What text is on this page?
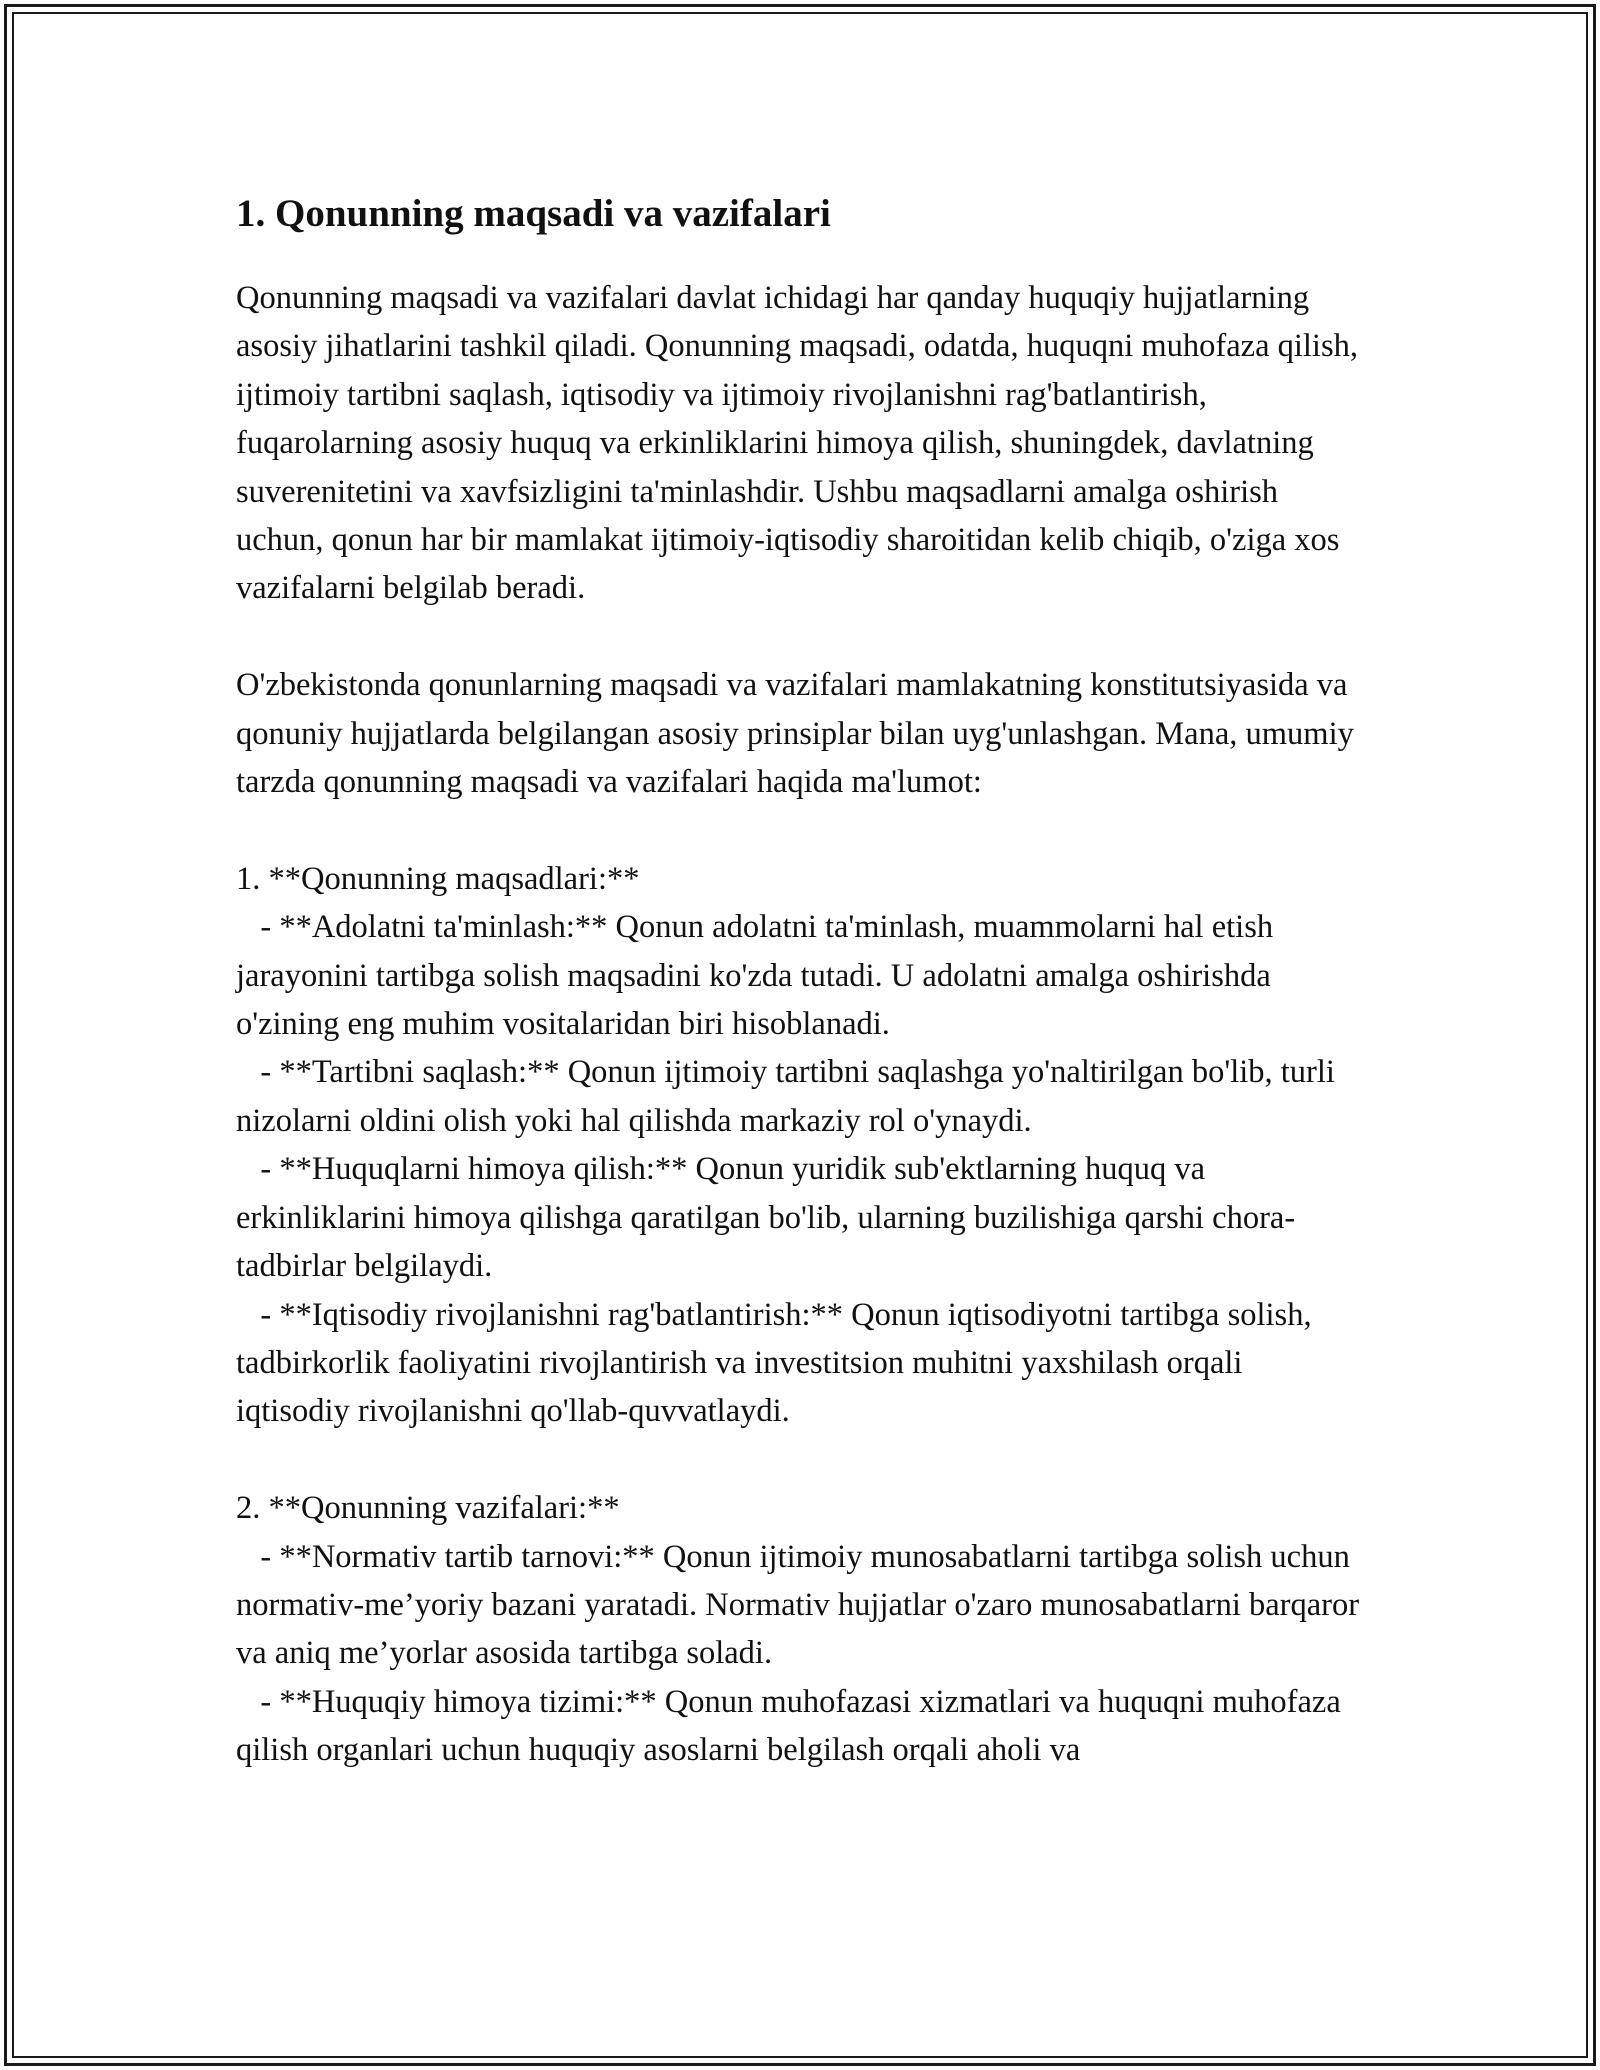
1. Qonunning maqsadi va vazifalari

Qonunning maqsadi va vazifalari davlat ichidagi har qanday huquqiy hujjatlarning asosiy jihatlarini tashkil qiladi. Qonunning maqsadi, odatda, huquqni muhofaza qilish, ijtimoiy tartibni saqlash, iqtisodiy va ijtimoiy rivojlanishni rag'batlantirish, fuqarolarning asosiy huquq va erkinliklarini himoya qilish, shuningdek, davlatning suverenitetini va xavfsizligini ta'minlashdir. Ushbu maqsadlarni amalga oshirish uchun, qonun har bir mamlakat ijtimoiy-iqtisodiy sharoitidan kelib chiqib, o'ziga xos vazifalarni belgilab beradi.

O'zbekistonda qonunlarning maqsadi va vazifalari mamlakatning konstitutsiyasida va qonuniy hujjatlarda belgilangan asosiy prinsiplar bilan uyg'unlashgan. Mana, umumiy tarzda qonunning maqsadi va vazifalari haqida ma'lumot:

1. **Qonunning maqsadlari:**

- **Adolatni ta'minlash:** Qonun adolatni ta'minlash, muammolarni hal etish jarayonini tartibga solish maqsadini ko'zda tutadi. U adolatni amalga oshirishda o'zining eng muhim vositalaridan biri hisoblanadi.

- **Tartibni saqlash:** Qonun ijtimoiy tartibni saqlashga yo'naltirilgan bo'lib, turli nizolarni oldini olish yoki hal qilishda markaziy rol o'ynaydi.

- **Huquqlarni himoya qilish:** Qonun yuridik sub'ektlarning huquq va erkinliklarini himoya qilishga qaratilgan bo'lib, ularning buzilishiga qarshi chora-tadbirlar belgilaydi.

- **Iqtisodiy rivojlanishni rag'batlantirish:** Qonun iqtisodiyotni tartibga solish, tadbirkorlik faoliyatini rivojlantirish va investitsion muhitni yaxshilash orqali iqtisodiy rivojlanishni qo'llab-quvvatlaydi.

2. **Qonunning vazifalari:**

- **Normativ tartib tarnovi:** Qonun ijtimoiy munosabatlarni tartibga solish uchun normativ-me’yoriy bazani yaratadi. Normativ hujjatlar o'zaro munosabatlarni barqaror va aniq me’yorlar asosida tartibga soladi.

- **Huquqiy himoya tizimi:** Qonun muhofazasi xizmatlari va huquqni muhofaza qilish organlari uchun huquqiy asoslarni belgilash orqali aholi va
